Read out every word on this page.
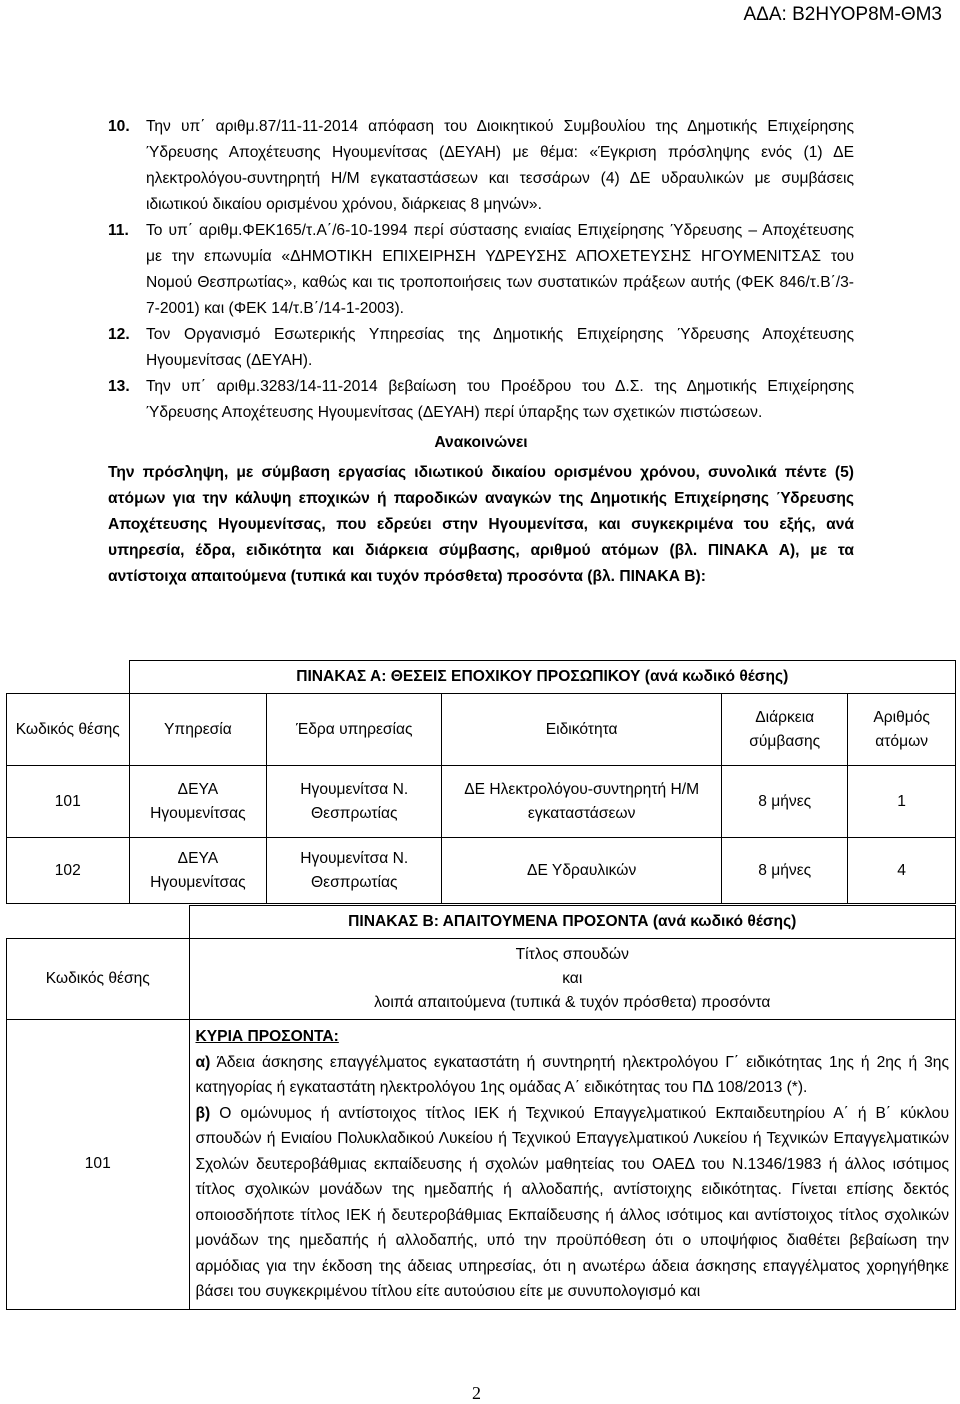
ΑΔΑ: Β2ΗΥΟΡ8Μ-ΘΜ3
10.	Την υπ΄ αριθμ.87/11-11-2014 απόφαση του Διοικητικού Συμβουλίου της Δημοτικής Επιχείρησης Ύδρευσης Αποχέτευσης Ηγουμενίτσας (ΔΕΥΑΗ) με θέμα: «Έγκριση πρόσληψης ενός (1) ΔΕ ηλεκτρολόγου-συντηρητή Η/Μ εγκαταστάσεων και τεσσάρων (4) ΔΕ υδραυλικών με συμβάσεις ιδιωτικού δικαίου ορισμένου χρόνου, διάρκειας 8 μηνών».
11.	Το υπ΄ αριθμ.ΦΕΚ165/τ.Α΄/6-10-1994 περί σύστασης ενιαίας Επιχείρησης Ύδρευσης – Αποχέτευσης με την επωνυμία «ΔΗΜΟΤΙΚΗ ΕΠΙΧΕΙΡΗΣΗ ΥΔΡΕΥΣΗΣ ΑΠΟΧΕΤΕΥΣΗΣ ΗΓΟΥΜΕΝΙΤΣΑΣ του Νομού Θεσπρωτίας», καθώς και τις τροποποιήσεις των συστατικών πράξεων αυτής (ΦΕΚ 846/τ.Β΄/3-7-2001) και (ΦΕΚ 14/τ.Β΄/14-1-2003).
12.	Τον Οργανισμό Εσωτερικής Υπηρεσίας της Δημοτικής Επιχείρησης Ύδρευσης Αποχέτευσης Ηγουμενίτσας (ΔΕΥΑΗ).
13.	Την υπ΄ αριθμ.3283/14-11-2014 βεβαίωση του Προέδρου του Δ.Σ. της Δημοτικής Επιχείρησης Ύδρευσης Αποχέτευσης Ηγουμενίτσας (ΔΕΥΑΗ) περί ύπαρξης των σχετικών πιστώσεων.
Ανακοινώνει
Την πρόσληψη, με σύμβαση εργασίας ιδιωτικού δικαίου ορισμένου χρόνου, συνολικά πέντε (5) ατόμων για την κάλυψη εποχικών ή παροδικών αναγκών της Δημοτικής Επιχείρησης Ύδρευσης Αποχέτευσης Ηγουμενίτσας, που εδρεύει στην Ηγουμενίτσα, και συγκεκριμένα του εξής, ανά υπηρεσία, έδρα, ειδικότητα και διάρκεια σύμβασης, αριθμού ατόμων (βλ. ΠΙΝΑΚΑ Α), με τα αντίστοιχα απαιτούμενα (τυπικά και τυχόν πρόσθετα) προσόντα (βλ. ΠΙΝΑΚΑ Β):
	ΠΙΝΑΚΑΣ Α: ΘΕΣΕΙΣ ΕΠΟΧΙΚΟΥ ΠΡΟΣΩΠΙΚΟΥ (ανά κωδικό θέσης)				
Κωδικός θέσης	Υπηρεσία	Έδρα υπηρεσίας	Ειδικότητα	Διάρκεια σύμβασης	Αριθμός ατόμων
101	ΔΕΥΑ Ηγουμενίτσας	Ηγουμενίτσα Ν. Θεσπρωτίας	ΔΕ Ηλεκτρολόγου-συντηρητή Η/Μ εγκαταστάσεων	8 μήνες	1
102	ΔΕΥΑ Ηγουμενίτσας	Ηγουμενίτσα Ν. Θεσπρωτίας	ΔΕ Υδραυλικών	8 μήνες	4
	ΠΙΝΑΚΑΣ Β: ΑΠΑΙΤΟΥΜΕΝΑ ΠΡΟΣΟΝΤΑ (ανά κωδικό θέσης)
Κωδικός θέσης	Τίτλος σπουδών
και
λοιπά απαιτούμενα (τυπικά & τυχόν πρόσθετα) προσόντα

101	ΚΥΡΙΑ ΠΡΟΣΟΝΤΑ:
α) Άδεια άσκησης επαγγέλματος εγκαταστάτη ή συντηρητή ηλεκτρολόγου Γ΄ ειδικότητας 1ης ή 2ης ή 3ης κατηγορίας ή εγκαταστάτη ηλεκτρολόγου 1ης ομάδας Α΄ ειδικότητας του ΠΔ 108/2013 (*).
β) Ο ομώνυμος ή αντίστοιχος τίτλος ΙΕΚ ή Τεχνικού Επαγγελματικού Εκπαιδευτηρίου Α΄ ή Β΄ κύκλου σπουδών ή Ενιαίου Πολυκλαδικού Λυκείου ή Τεχνικού Επαγγελματικού Λυκείου ή Τεχνικών Επαγγελματικών Σχολών δευτεροβάθμιας εκπαίδευσης ή σχολών μαθητείας του ΟΑΕΔ του Ν.1346/1983 ή άλλος ισότιμος τίτλος σχολικών μονάδων της ημεδαπής ή αλλοδαπής, αντίστοιχης ειδικότητας. Γίνεται επίσης δεκτός οποιοσδήποτε τίτλος ΙΕΚ ή δευτεροβάθμιας Εκπαίδευσης ή άλλος ισότιμος και αντίστοιχος τίτλος σχολικών μονάδων της ημεδαπής ή αλλοδαπής, υπό την προϋπόθεση ότι ο υποψήφιος διαθέτει βεβαίωση την αρμόδιας για την έκδοση της άδειας υπηρεσίας, ότι η ανωτέρω άδεια άσκησης επαγγέλματος χορηγήθηκε βάσει του συγκεκριμένου τίτλου είτε αυτούσιου είτε με συνυπολογισμό και
2
